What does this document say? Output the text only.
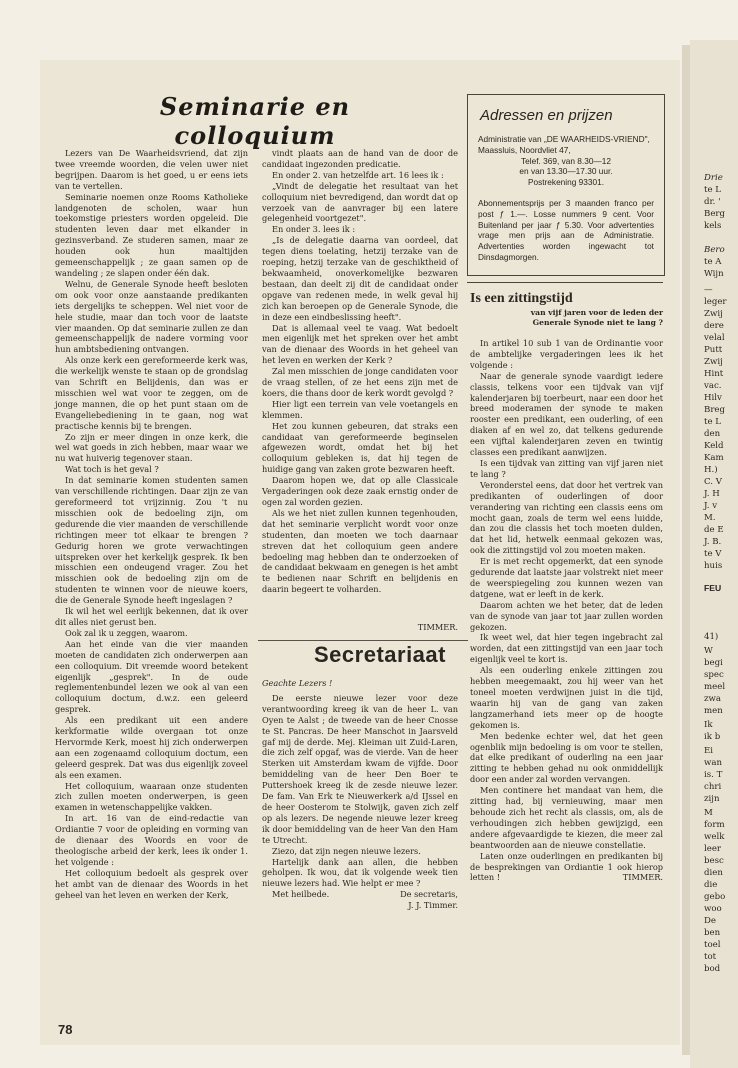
Seminarie en colloquium

Lezers van De Waarheidsvriend, dat zijn twee vreemde woorden, die velen uwer niet begrijpen. Daarom is het goed, u er eens iets van te vertellen.

Seminarie noemen onze Rooms Katholieke landgenoten de scholen, waar hun toekomstige priesters worden opgeleid. Die studenten leven daar met elkander in gezinsverband. Ze studeren samen, maar ze houden ook hun maaltijden gemeenschappelijk ; ze gaan samen op de wandeling ; ze slapen onder één dak.

Welnu, de Generale Synode heeft besloten om ook voor onze aanstaande predikanten iets dergelijks te scheppen. Wel niet voor de hele studie, maar dan toch voor de laatste vier maanden. Op dat seminarie zullen ze dan gemeenschappelijk de nadere vorming voor hun ambtsbediening ontvangen.

Als onze kerk een gereformeerde kerk was, die werkelijk wenste te staan op de grondslag van Schrift en Belijdenis, dan was er misschien wel wat voor te zeggen, om de jonge mannen, die op het punt staan om de Evangeliebediening in te gaan, nog wat practische kennis bij te brengen.

Zo zijn er meer dingen in onze kerk, die wel wat goeds in zich hebben, maar waar we nu wat huiverig tegenover staan.

Wat toch is het geval ?

In dat seminarie komen studenten samen van verschillende richtingen. Daar zijn ze van gereformeerd tot vrijzinnig. Zou 't nu misschien ook de bedoeling zijn, om gedurende die vier maanden de verschillende richtingen meer tot elkaar te brengen ? Gedurig horen we grote verwachtingen uitspreken over het kerkelijk gesprek. Ik ben misschien een ondeugend vrager. Zou het misschien ook de bedoeling zijn om de studenten te winnen voor de nieuwe koers, die de Generale Synode heeft ingeslagen ?

Ik wil het wel eerlijk bekennen, dat ik over dit alles niet gerust ben.

Ook zal ik u zeggen, waarom.

Aan het einde van die vier maanden moeten de candidaten zich onderwerpen aan een colloquium. Dit vreemde woord betekent eigenlijk „gesprek". In de oude reglementenbundel lezen we ook al van een colloquium doctum, d.w.z. een geleerd gesprek.

Als een predikant uit een andere kerkformatie wilde overgaan tot onze Hervormde Kerk, moest hij zich onderwerpen aan een zogenaamd colloquium doctum, een geleerd gesprek. Dat was dus eigenlijk zoveel als een examen.

Het colloquium, waaraan onze studenten zich zullen moeten onderwerpen, is geen examen in wetenschappelijke vakken.

In art. 16 van de eind-redactie van Ordiantie 7 voor de opleiding en vorming van de dienaar des Woords en voor de theologische arbeid der kerk, lees ik onder 1. het volgende :

Het colloquium bedoelt als gesprek over het ambt van de dienaar des Woords in het geheel van het leven en werken der Kerk,

vindt plaats aan de hand van de door de candidaat ingezonden predicatie.

En onder 2. van hetzelfde art. 16 lees ik :

„Vindt de delegatie het resultaat van het colloquium niet bevredigend, dan wordt dat op verzoek van de aanvrager bij een latere gelegenheid voortgezet".

En onder 3. lees ik :

„Is de delegatie daarna van oordeel, dat tegen diens toelating, hetzij terzake van de roeping, hetzij terzake van de geschiktheid of bekwaamheid, onoverkomelijke bezwaren bestaan, dan deelt zij dit de candidaat onder opgave van redenen mede, in welk geval hij zich kan beroepen op de Generale Synode, die in deze een eindbeslissing heeft".

Dat is allemaal veel te vaag. Wat bedoelt men eigenlijk met het spreken over het ambt van de dienaar des Woords in het geheel van het leven en werken der Kerk ?

Zal men misschien de jonge candidaten voor de vraag stellen, of ze het eens zijn met de koers, die thans door de kerk wordt gevolgd ?

Hier ligt een terrein van vele voetangels en klemmen.

Het zou kunnen gebeuren, dat straks een candidaat van gereformeerde beginselen afgewezen wordt, omdat het bij het colloquium gebleken is, dat hij tegen de huidige gang van zaken grote bezwaren heeft.

Daarom hopen we, dat op alle Classicale Vergaderingen ook deze zaak ernstig onder de ogen zal worden gezien.

Als we het niet zullen kunnen tegenhouden, dat het seminarie verplicht wordt voor onze studenten, dan moeten we toch daarnaar streven dat het colloquium geen andere bedoeling mag hebben dan te onderzoeken of de candidaat bekwaam en genegen is het ambt te bedienen naar Schrift en belijdenis en daarin begeert te volharden.

TIMMER.

Secretariaat

Geachte Lezers !

De eerste nieuwe lezer voor deze verantwoording kreeg ik van de heer L. van Oyen te Aalst ; de tweede van de heer Cnosse te St. Pancras. De heer Manschot in Jaarsveld gaf mij de derde. Mej. Kleiman uit Zuid-Laren, die zich zelf opgaf, was de vierde. Van de heer Sterken uit Amsterdam kwam de vijfde. Door bemiddeling van de heer Den Boer te Puttershoek kreeg ik de zesde nieuwe lezer. De fam. Van Erk te Nieuwerkerk a/d IJssel en de heer Oosterom te Stolwijk, gaven zich zelf op als lezers. De negende nieuwe lezer kreeg ik door bemiddeling van de heer Van den Ham te Utrecht.

Ziezo, dat zijn negen nieuwe lezers.

Hartelijk dank aan allen, die hebben geholpen. Ik wou, dat ik volgende week tien nieuwe lezers had. Wie helpt er mee ?

Met heilbede.	De secretaris,

J. J. Timmer.

Adressen en prijzen
Administratie van „DE WAARHEIDS-VRIEND", Maassluis, Noordvliet 47,
Telef. 369, van 8.30—12
en van 13.30—17.30 uur.
Postrekening 93301.
Abonnementsprijs per 3 maanden franco per post ƒ 1.—. Losse nummers 9 cent. Voor Buitenland per jaar ƒ 5.30. Voor advertenties vrage men prijs aan de Administratie. Advertenties worden ingewacht tot Dinsdagmorgen.
Is een zittingstijd
van vijf jaren voor de leden der Generale Synode niet te lang ?

In artikel 10 sub 1 van de Ordinantie voor de ambtelijke vergaderingen lees ik het volgende :

Naar de generale synode vaardigt iedere classis, telkens voor een tijdvak van vijf kalenderjaren bij toerbeurt, naar een door het breed moderamen der synode te maken rooster een predikant, een ouderling, of een diaken af en wel zo, dat telkens gedurende een vijftal kalenderjaren zeven en twintig classes een predikant aanwijzen.

Is een tijdvak van zitting van vijf jaren niet te lang ?

Veronderstel eens, dat door het vertrek van predikanten of ouderlingen of door verandering van richting een classis eens om mocht gaan, zoals de term wel eens luidde, dan zou die classis het toch moeten dulden, dat het lid, hetwelk eenmaal gekozen was, ook die zittingstijd vol zou moeten maken.

Er is met recht opgemerkt, dat een synode gedurende dat laatste jaar volstrekt niet meer de weerspiegeling zou kunnen wezen van datgene, wat er leeft in de kerk.

Daarom achten we het beter, dat de leden van de synode van jaar tot jaar zullen worden gekozen.

Ik weet wel, dat hier tegen ingebracht zal worden, dat een zittingstijd van een jaar toch eigenlijk veel te kort is.

Als een ouderling enkele zittingen zou hebben meegemaakt, zou hij weer van het toneel moeten verdwijnen juist in die tijd, waarin hij van de gang van zaken langzamerhand iets meer op de hoogte gekomen is.

Men bedenke echter wel, dat het geen ogenblik mijn bedoeling is om voor te stellen, dat elke predikant of ouderling na een jaar zitting te hebben gehad nu ook onmiddellijk door een ander zal worden vervangen.

Men continere het mandaat van hem, die zitting had, bij vernieuwing, maar men behoude zich het recht als classis, om, als de verhoudingen zich hebben gewijzigd, een andere afgevaardigde te kiezen, die meer zal beantwoorden aan de nieuwe constellatie.

Laten onze ouderlingen en predikanten bij de besprekingen van Ordiantie 1 ook hierop letten !	TIMMER.

78
Drie
te L
dr. '
Berg
kels
Bero
te A
Wijn
—
leger
Zwij
dere
velal
Putt
Zwij
Hint
vac.
Hilv
Breg
te L
den
Keld
Kam
H.)
C. V
J. H
J. v
M.
de E
J. B.
te V
huis
FEU
41)
W
begi
spec
meel
zwa
men
Ik
ik b
Ei
wan
is. T
chri
zijn
M
form
welk
leer
besc
dien
die
gebo
woo
De
ben
toel
tot
bod
